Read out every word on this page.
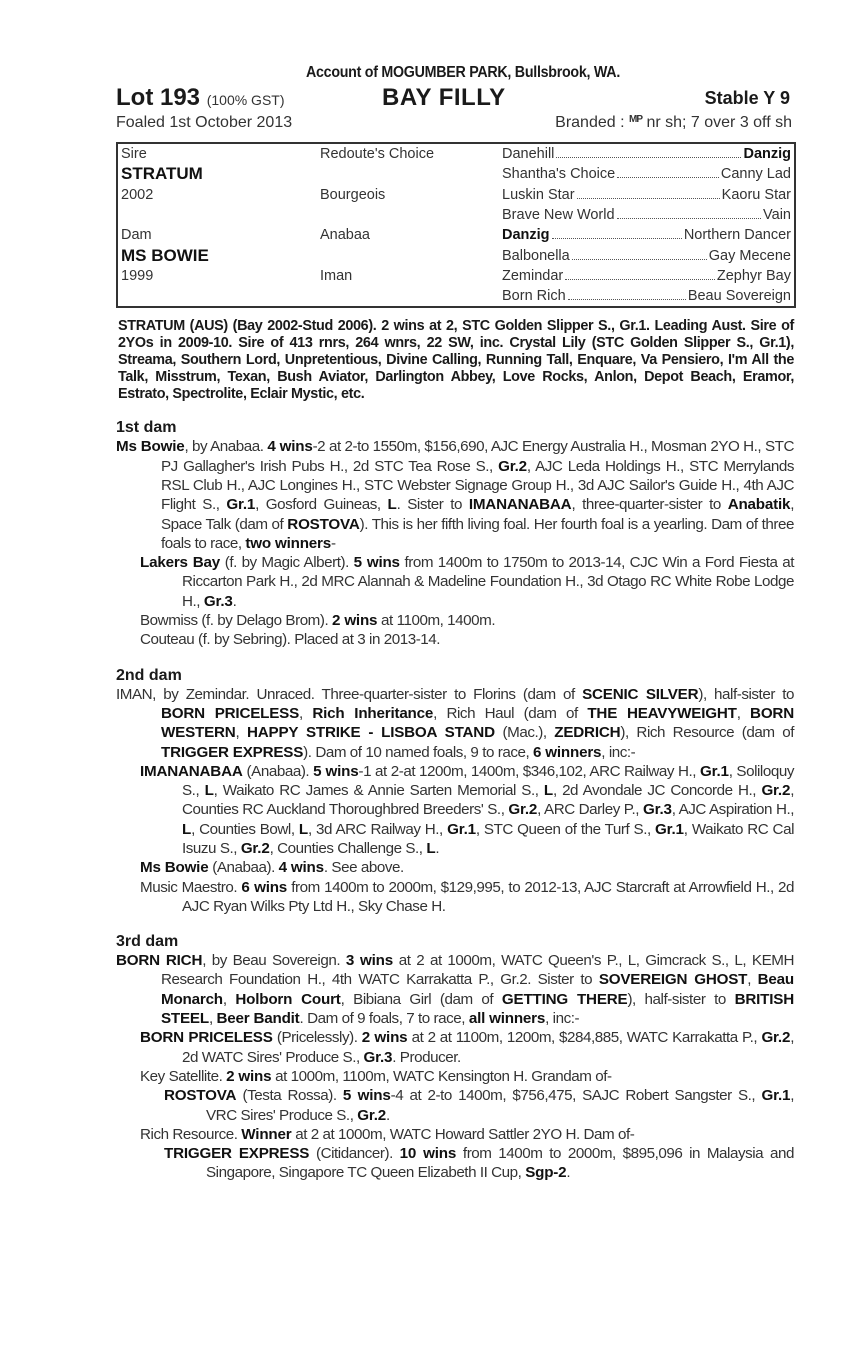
Account of MOGUMBER PARK, Bullsbrook, WA.
Lot 193 (100% GST)	BAY FILLY	Stable Y 9
Foaled 1st October 2013	Branded : $^{MP}$ nr sh; 7 over 3 off sh
Sire	Redoute's Choice	Danehill Danzig

STRATUM		Shantha's Choice Canny Lad

2002	Bourgeois	Luskin Star Kaoru Star

		Brave New World Vain

Dam	Anabaa	Danzig Northern Dancer

MS BOWIE		Balbonella Gay Mecene

1999	Iman	Zemindar Zephyr Bay

		Born Rich Beau Sovereign
STRATUM (AUS) (Bay 2002-Stud 2006). 2 wins at 2, STC Golden Slipper S., Gr.1. Leading Aust. Sire of 2YOs in 2009-10. Sire of 413 rnrs, 264 wnrs, 22 SW, inc. Crystal Lily (STC Golden Slipper S., Gr.1), Streama, Southern Lord, Unpretentious, Divine Calling, Running Tall, Enquare, Va Pensiero, I'm All the Talk, Misstrum, Texan, Bush Aviator, Darlington Abbey, Love Rocks, Anlon, Depot Beach, Eramor, Estrato, Spectrolite, Eclair Mystic, etc.
1st dam
Ms Bowie, by Anabaa. 4 wins-2 at 2-to 1550m, $156,690, AJC Energy Australia H., Mosman 2YO H., STC PJ Gallagher's Irish Pubs H., 2d STC Tea Rose S., Gr.2, AJC Leda Holdings H., STC Merrylands RSL Club H., AJC Longines H., STC Webster Signage Group H., 3d AJC Sailor's Guide H., 4th AJC Flight S., Gr.1, Gosford Guineas, L. Sister to IMANANABAA, three-quarter-sister to Anabatik, Space Talk (dam of ROSTOVA). This is her fifth living foal. Her fourth foal is a yearling. Dam of three foals to race, two winners-
Lakers Bay (f. by Magic Albert). 5 wins from 1400m to 1750m to 2013-14, CJC Win a Ford Fiesta at Riccarton Park H., 2d MRC Alannah & Madeline Foundation H., 3d Otago RC White Robe Lodge H., Gr.3.
Bowmiss (f. by Delago Brom). 2 wins at 1100m, 1400m.
Couteau (f. by Sebring). Placed at 3 in 2013-14.
2nd dam
IMAN, by Zemindar. Unraced. Three-quarter-sister to Florins (dam of SCENIC SILVER), half-sister to BORN PRICELESS, Rich Inheritance, Rich Haul (dam of THE HEAVYWEIGHT, BORN WESTERN, HAPPY STRIKE - LISBOA STAND (Mac.), ZEDRICH), Rich Resource (dam of TRIGGER EXPRESS). Dam of 10 named foals, 9 to race, 6 winners, inc:-
IMANANABAA (Anabaa). 5 wins-1 at 2-at 1200m, 1400m, $346,102, ARC Railway H., Gr.1, Soliloquy S., L, Waikato RC James & Annie Sarten Memorial S., L, 2d Avondale JC Concorde H., Gr.2, Counties RC Auckland Thoroughbred Breeders' S., Gr.2, ARC Darley P., Gr.3, AJC Aspiration H., L, Counties Bowl, L, 3d ARC Railway H., Gr.1, STC Queen of the Turf S., Gr.1, Waikato RC Cal Isuzu S., Gr.2, Counties Challenge S., L.
Ms Bowie (Anabaa). 4 wins. See above.
Music Maestro. 6 wins from 1400m to 2000m, $129,995, to 2012-13, AJC Starcraft at Arrowfield H., 2d AJC Ryan Wilks Pty Ltd H., Sky Chase H.
3rd dam
BORN RICH, by Beau Sovereign. 3 wins at 2 at 1000m, WATC Queen's P., L, Gimcrack S., L, KEMH Research Foundation H., 4th WATC Karrakatta P., Gr.2. Sister to SOVEREIGN GHOST, Beau Monarch, Holborn Court, Bibiana Girl (dam of GETTING THERE), half-sister to BRITISH STEEL, Beer Bandit. Dam of 9 foals, 7 to race, all winners, inc:-
BORN PRICELESS (Pricelessly). 2 wins at 2 at 1100m, 1200m, $284,885, WATC Karrakatta P., Gr.2, 2d WATC Sires' Produce S., Gr.3. Producer.
Key Satellite. 2 wins at 1000m, 1100m, WATC Kensington H. Grandam of-
ROSTOVA (Testa Rossa). 5 wins-4 at 2-to 1400m, $756,475, SAJC Robert Sangster S., Gr.1, VRC Sires' Produce S., Gr.2.
Rich Resource. Winner at 2 at 1000m, WATC Howard Sattler 2YO H. Dam of-
TRIGGER EXPRESS (Citidancer). 10 wins from 1400m to 2000m, $895,096 in Malaysia and Singapore, Singapore TC Queen Elizabeth II Cup, Sgp-2.
